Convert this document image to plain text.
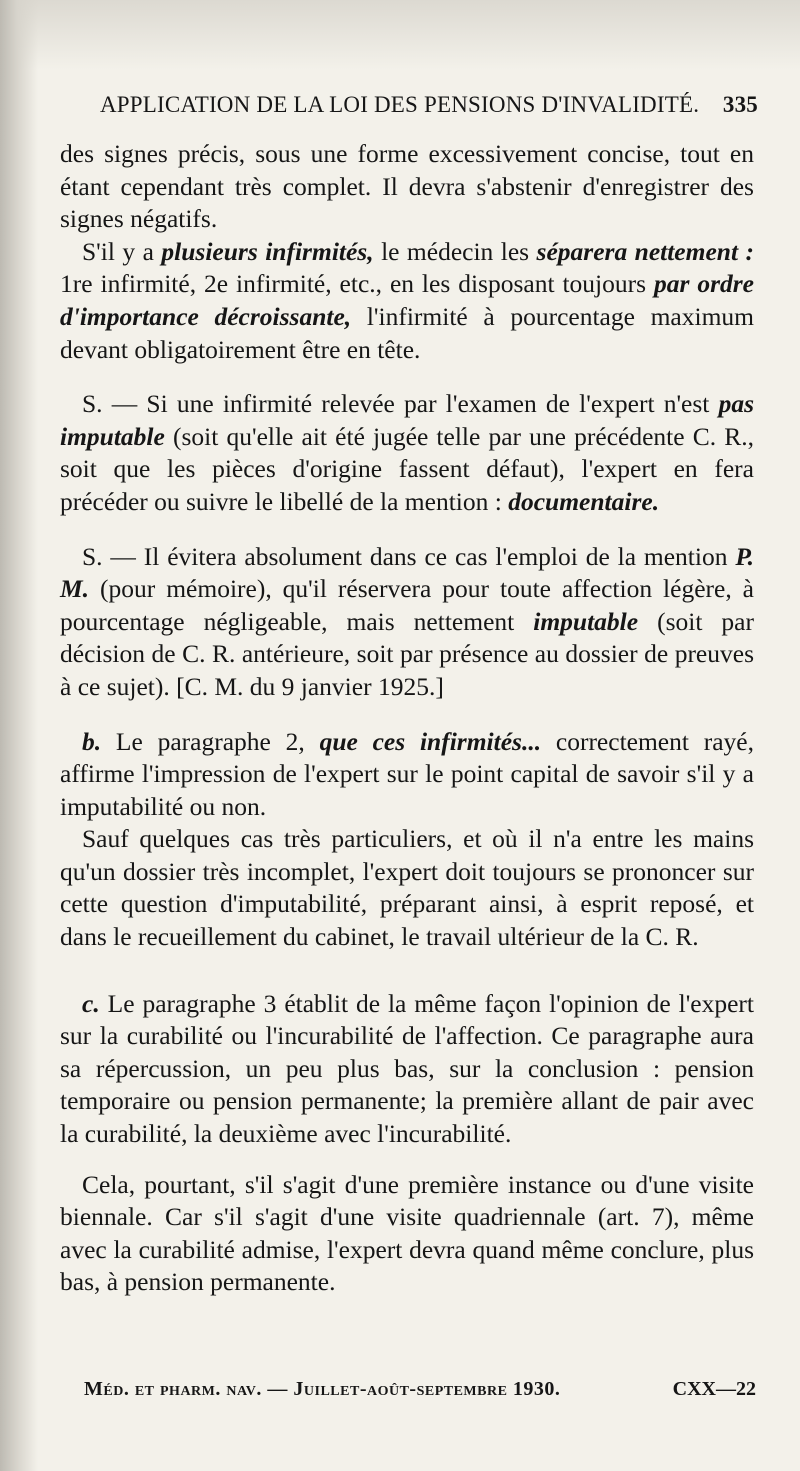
APPLICATION DE LA LOI DES PENSIONS D'INVALIDITÉ. 335

des signes précis, sous une forme excessivement concise, tout en étant cependant très complet. Il devra s'abstenir d'enregistrer des signes négatifs.

S'il y a plusieurs infirmités, le médecin les séparera nettement : 1re infirmité, 2e infirmité, etc., en les disposant toujours par ordre d'importance décroissante, l'infirmité à pourcentage maximum devant obligatoirement être en tête.

S. — Si une infirmité relevée par l'examen de l'expert n'est pas imputable (soit qu'elle ait été jugée telle par une précédente C. R., soit que les pièces d'origine fassent défaut), l'expert en fera précéder ou suivre le libellé de la mention : documentaire.

S. — Il évitera absolument dans ce cas l'emploi de la mention P. M. (pour mémoire), qu'il réservera pour toute affection légère, à pourcentage négligeable, mais nettement imputable (soit par décision de C. R. antérieure, soit par présence au dossier de preuves à ce sujet). [C. M. du 9 janvier 1925.]

b. Le paragraphe 2, que ces infirmités... correctement rayé, affirme l'impression de l'expert sur le point capital de savoir s'il y a imputabilité ou non.

Sauf quelques cas très particuliers, et où il n'a entre les mains qu'un dossier très incomplet, l'expert doit toujours se prononcer sur cette question d'imputabilité, préparant ainsi, à esprit reposé, et dans le recueillement du cabinet, le travail ultérieur de la C. R.

c. Le paragraphe 3 établit de la même façon l'opinion de l'expert sur la curabilité ou l'incurabilité de l'affection. Ce paragraphe aura sa répercussion, un peu plus bas, sur la conclusion : pension temporaire ou pension permanente; la première allant de pair avec la curabilité, la deuxième avec l'incurabilité.

Cela, pourtant, s'il s'agit d'une première instance ou d'une visite biennale. Car s'il s'agit d'une visite quadriennale (art. 7), même avec la curabilité admise, l'expert devra quand même conclure, plus bas, à pension permanente.

Méd. et pharm. nav. — Juillet-août-septembre 1930.	CXX—22
